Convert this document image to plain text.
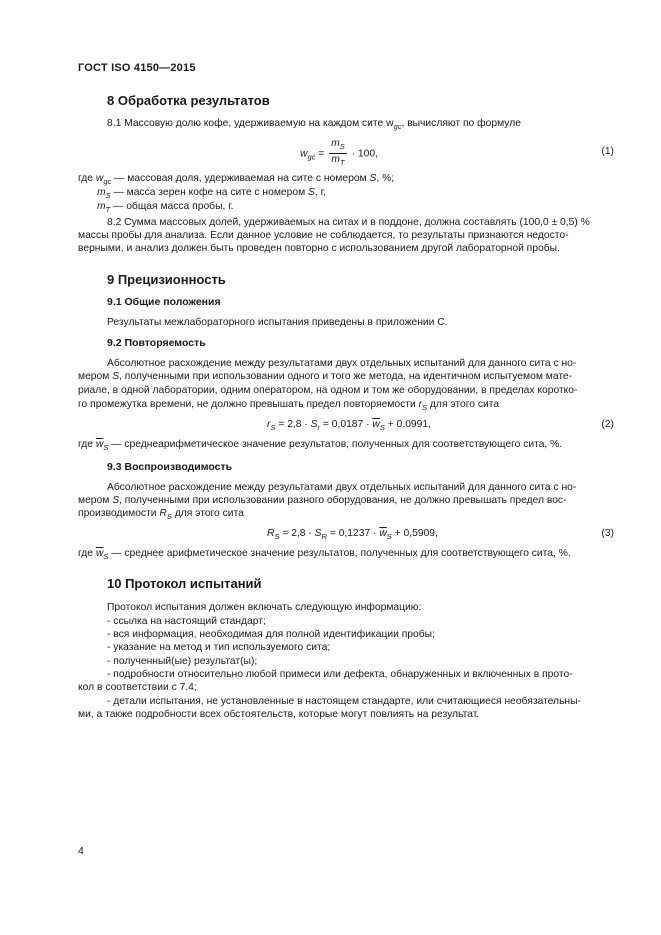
ГОСТ ISO 4150—2015
8 Обработка результатов
8.1 Массовую долю кофе, удерживаемую на каждом сите $w_{gc}$, вычисляют по формуле
$w_{gc} = \frac{m_S}{m_T} \cdot 100$,	(1)
где $w_{gc}$ — массовая доля, удерживаемая на сите с номером S, %;
$m_S$ — масса зерен кофе на сите с номером S, г,
$m_T$ — общая масса пробы, г.
8.2 Сумма массовых долей, удерживаемых на ситах и в поддоне, должна составлять (100,0 ± 0,5) %
массы пробы для анализа. Если данное условие не соблюдается, то результаты признаются недосто-
верными, и анализ должен быть проведен повторно с использованием другой лабораторной пробы.
9 Прецизионность
9.1 Общие положения
Результаты межлабораторного испытания приведены в приложении С.
9.2 Повторяемость
Абсолютное расхождение между результатами двух отдельных испытаний для данного сита с но-
мером S, полученными при использовании одного и того же метода, на идентичном испытуемом мате-
риале, в одной лаборатории, одним оператором, на одном и том же оборудовании, в пределах коротко-
го промежутка времени, не должно превышать предел повторяемости $r_S$ для этого сита
$r_S = 2,8 \cdot S_r = 0,0187 \cdot \overline{w}_S + 0,0991$,	(2)
где $\overline{w}_S$ — среднеарифметическое значение результатов, полученных для соответствующего сита, %.
9.3 Воспроизводимость
Абсолютное расхождение между результатами двух отдельных испытаний для данного сита с но-
мером S, полученными при использовании разного оборудования, не должно превышать предел вос-
производимости $R_S$ для этого сита
$R_S = 2,8 \cdot S_R = 0,1237 \cdot \overline{w}_S + 0,5909$,	(3)
где $\overline{w}_S$ — среднее арифметическое значение результатов, полученных для соответствующего сита, %.
10 Протокол испытаний
Протокол испытания должен включать следующую информацию:
- ссылка на настоящий стандарт;
- вся информация, необходимая для полной идентификации пробы;
- указание на метод и тип используемого сита;
- полученный(ые) результат(ы);
- подробности относительно любой примеси или дефекта, обнаруженных и включенных в прото-
кол в соответствии с 7.4;
- детали испытания, не установленные в настоящем стандарте, или считающиеся необязательны-
ми, а также подробности всех обстоятельств, которые могут повлиять на результат.
4
